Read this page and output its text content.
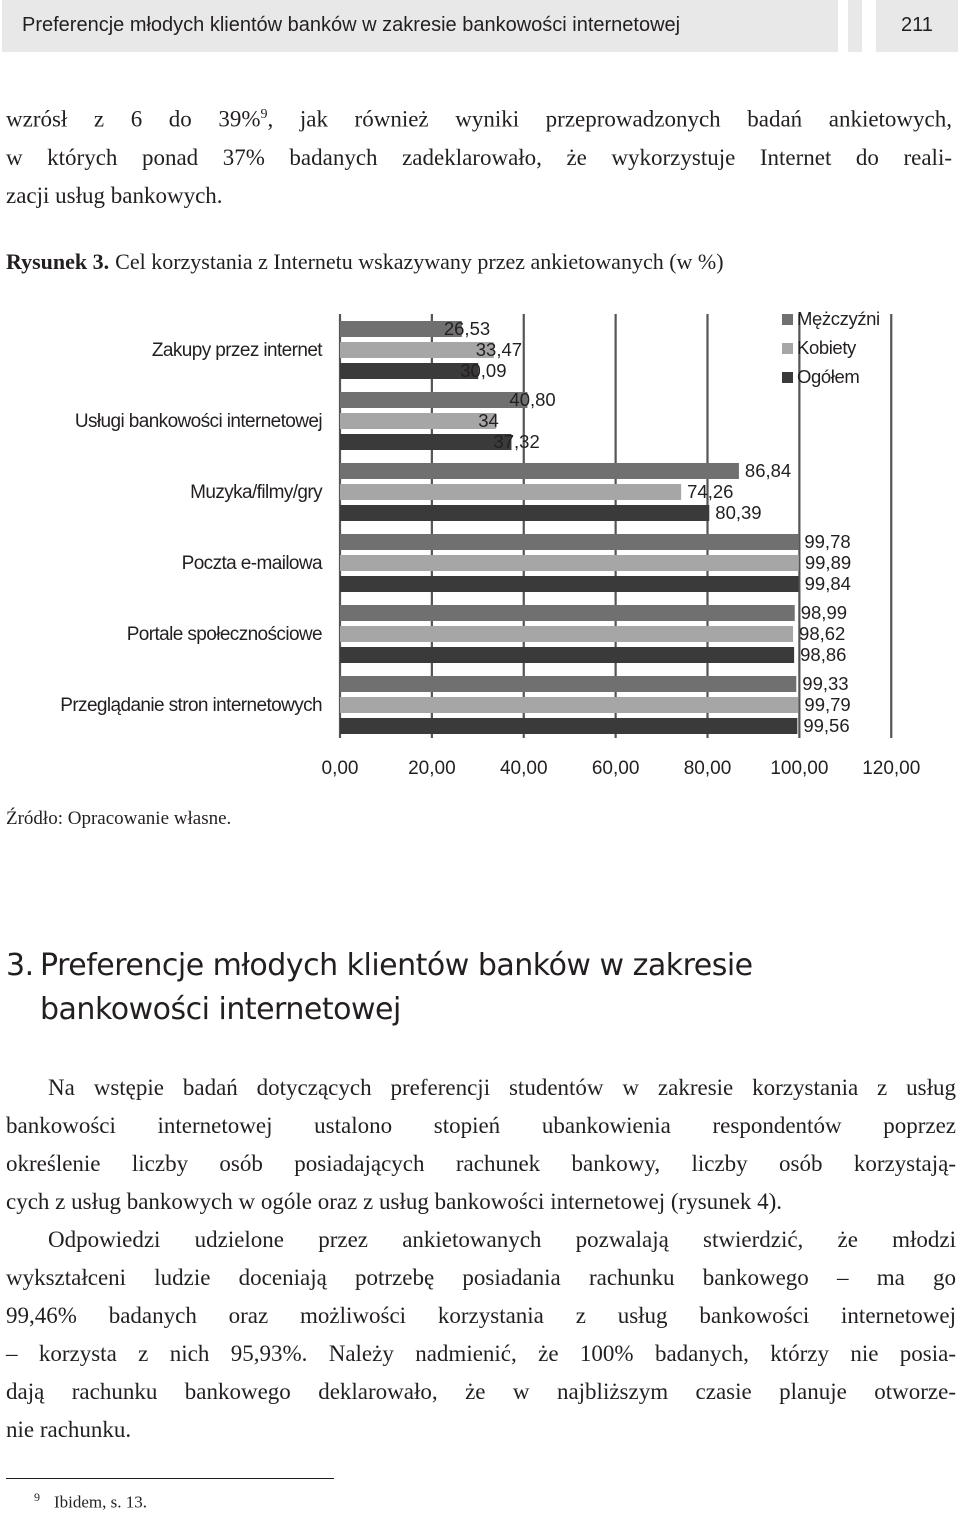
Preferencje młodych klientów banków w zakresie bankowości internetowej	211
wzrósł z 6 do 39%$^9$, jak również wyniki przeprowadzonych badań ankietowych,
w których ponad 37% badanych zadeklarowało, że wykorzystuje Internet do reali-
zacji usług bankowych.
Rysunek 3. Cel korzystania z Internetu wskazywany przez ankietowanych (w %)
0,00	20,00 40,00 60,00 80,00 100,00 120,00
Zakupy przez internet
26,53
33,47
30,09
Usługi bankowości internetowej
40,80
34
37,32
Muzyka/filmy/gry
86,84
74,26
80,39
Poczta e-mailowa
99,78
99,89
99,84
Portale społecznościowe
98,99
98,62
98,86
Przeglądanie stron internetowych
99,33
99,79
99,56
Mężczyźni
Kobiety
Ogółem
Źródło: Opracowanie własne.
3. Preferencje młodych klientów banków w zakresie
bankowości internetowej
Na wstępie badań dotyczących preferencji studentów w zakresie korzystania z usług
bankowości internetowej ustalono stopień ubankowienia respondentów poprzez
określenie liczby osób posiadających rachunek bankowy, liczby osób korzystają-
cych z usług bankowych w ogóle oraz z usług bankowości internetowej (rysunek 4).
Odpowiedzi udzielone przez ankietowanych pozwalają stwierdzić, że młodzi
wykształceni ludzie doceniają potrzebę posiadania rachunku bankowego – ma go
99,46% badanych oraz możliwości korzystania z usług bankowości internetowej
– korzysta z nich 95,93%. Należy nadmienić, że 100% badanych, którzy nie posia-
dają rachunku bankowego deklarowało, że w najbliższym czasie planuje otworze-
nie rachunku.
$^9$ Ibidem, s. 13.
